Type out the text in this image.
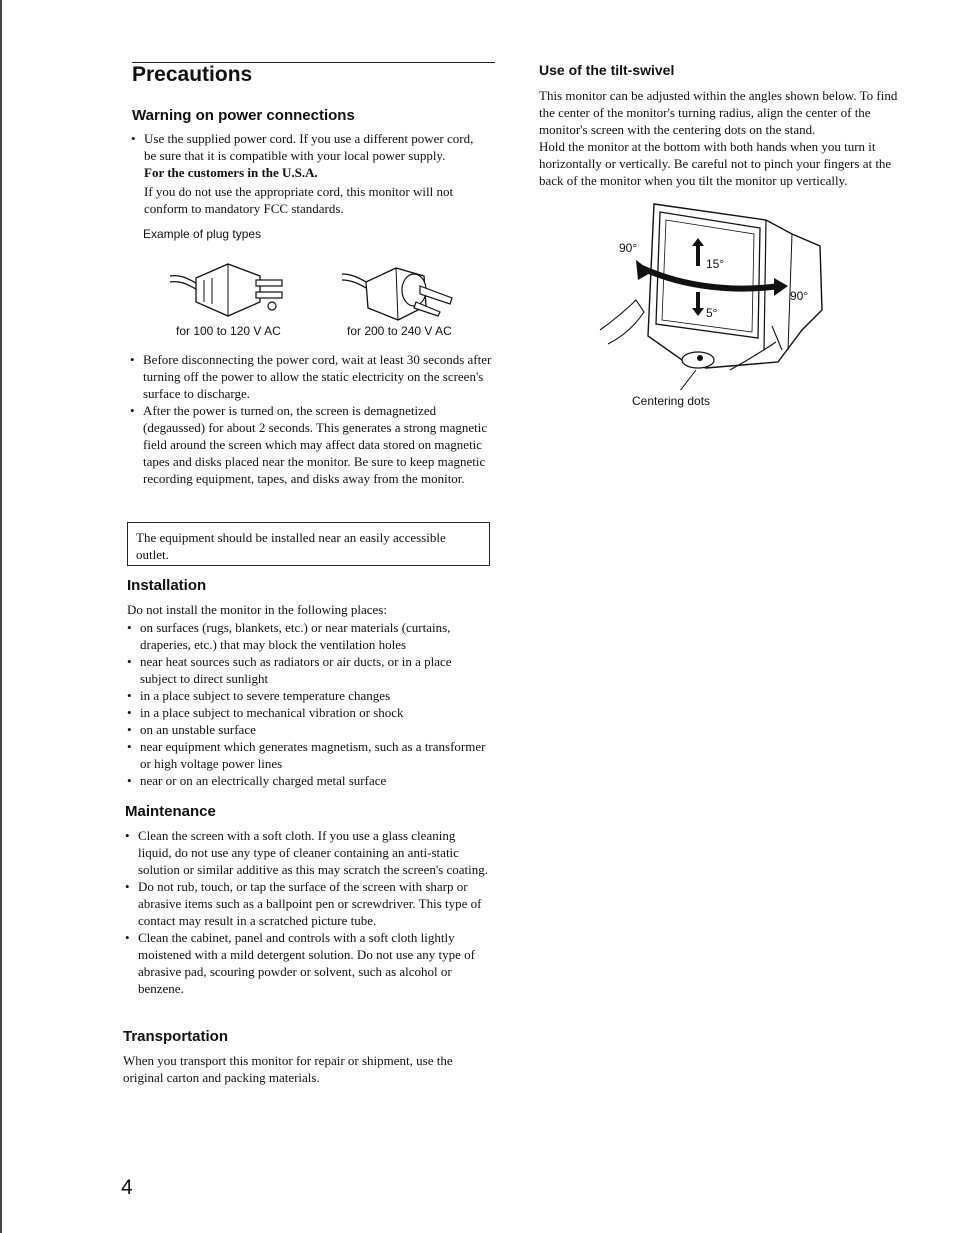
Precautions
Warning on power connections
• Use the supplied power cord. If you use a different power cord, be sure that it is compatible with your local power supply.
For the customers in the U.S.A.
If you do not use the appropriate cord, this monitor will not conform to mandatory FCC standards.
Example of plug types
for 100 to 120 V AC	for 200 to 240 V AC
• Before disconnecting the power cord, wait at least 30 seconds after turning off the power to allow the static electricity on the screen's surface to discharge.
• After the power is turned on, the screen is demagnetized (degaussed) for about 2 seconds. This generates a strong magnetic field around the screen which may affect data stored on magnetic tapes and disks placed near the monitor. Be sure to keep magnetic recording equipment, tapes, and disks away from the monitor.
The equipment should be installed near an easily accessible outlet.
Installation
Do not install the monitor in the following places:
• on surfaces (rugs, blankets, etc.) or near materials (curtains, draperies, etc.) that may block the ventilation holes
• near heat sources such as radiators or air ducts, or in a place subject to direct sunlight
• in a place subject to severe temperature changes
• in a place subject to mechanical vibration or shock
• on an unstable surface
• near equipment which generates magnetism, such as a transformer or high voltage power lines
• near or on an electrically charged metal surface
Maintenance
• Clean the screen with a soft cloth. If you use a glass cleaning liquid, do not use any type of cleaner containing an anti-static solution or similar additive as this may scratch the screen's coating.
• Do not rub, touch, or tap the surface of the screen with sharp or abrasive items such as a ballpoint pen or screwdriver. This type of contact may result in a scratched picture tube.
• Clean the cabinet, panel and controls with a soft cloth lightly moistened with a mild detergent solution. Do not use any type of abrasive pad, scouring powder or solvent, such as alcohol or benzene.
Transportation
When you transport this monitor for repair or shipment, use the original carton and packing materials.
4
Use of the tilt-swivel
This monitor can be adjusted within the angles shown below. To find the center of the monitor's turning radius, align the center of the monitor's screen with the centering dots on the stand.
Hold the monitor at the bottom with both hands when you turn it horizontally or vertically. Be careful not to pinch your fingers at the back of the monitor when you tilt the monitor up vertically.
90°
15°
5°
90°
Centering dots
